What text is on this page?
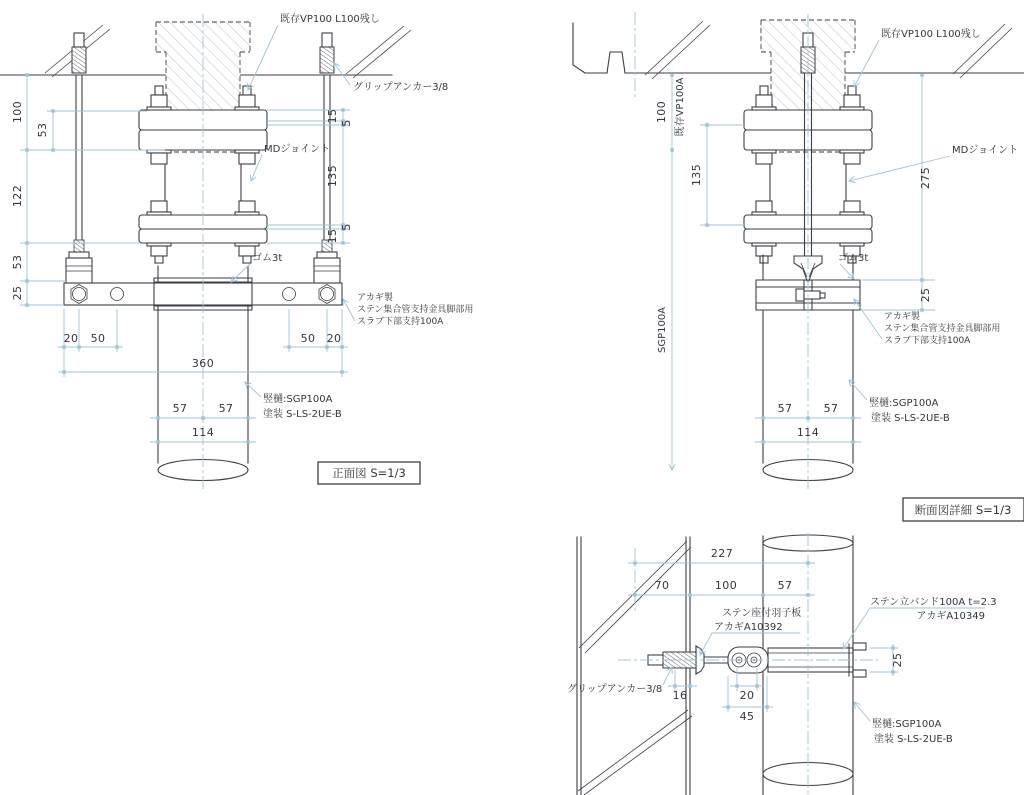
100
53
122
53
25
15 5
135
5
15
20 50	50 20
360
57	57
114
既存VP100 L100残し
グリップアンカー3/8
MDジョイント
ゴム3t
アカギ製
ステン集合管支持金具脚部用
スラブ下部支持100A
竪樋:SGP100A
塗装 S-LS-2UE-B
正面図 S=1/3
100 既存VP100A
SGP100A
135	275
25
57	57
114
既存VP100 L100残し
MDジョイント
ゴム3t
アカギ製
ステン集合管支持金具脚部用
スラブ下部支持100A
竪樋:SGP100A
塗装 S-LS-2UE-B
断面図詳細 S=1/3
227
70	100	57
16	20
45
25
ステン立バンド100A t=2.3
アカギA10349
ステン座付羽子板
アカギA10392
グリップアンカー3/8
竪樋:SGP100A
塗装 S-LS-2UE-B
